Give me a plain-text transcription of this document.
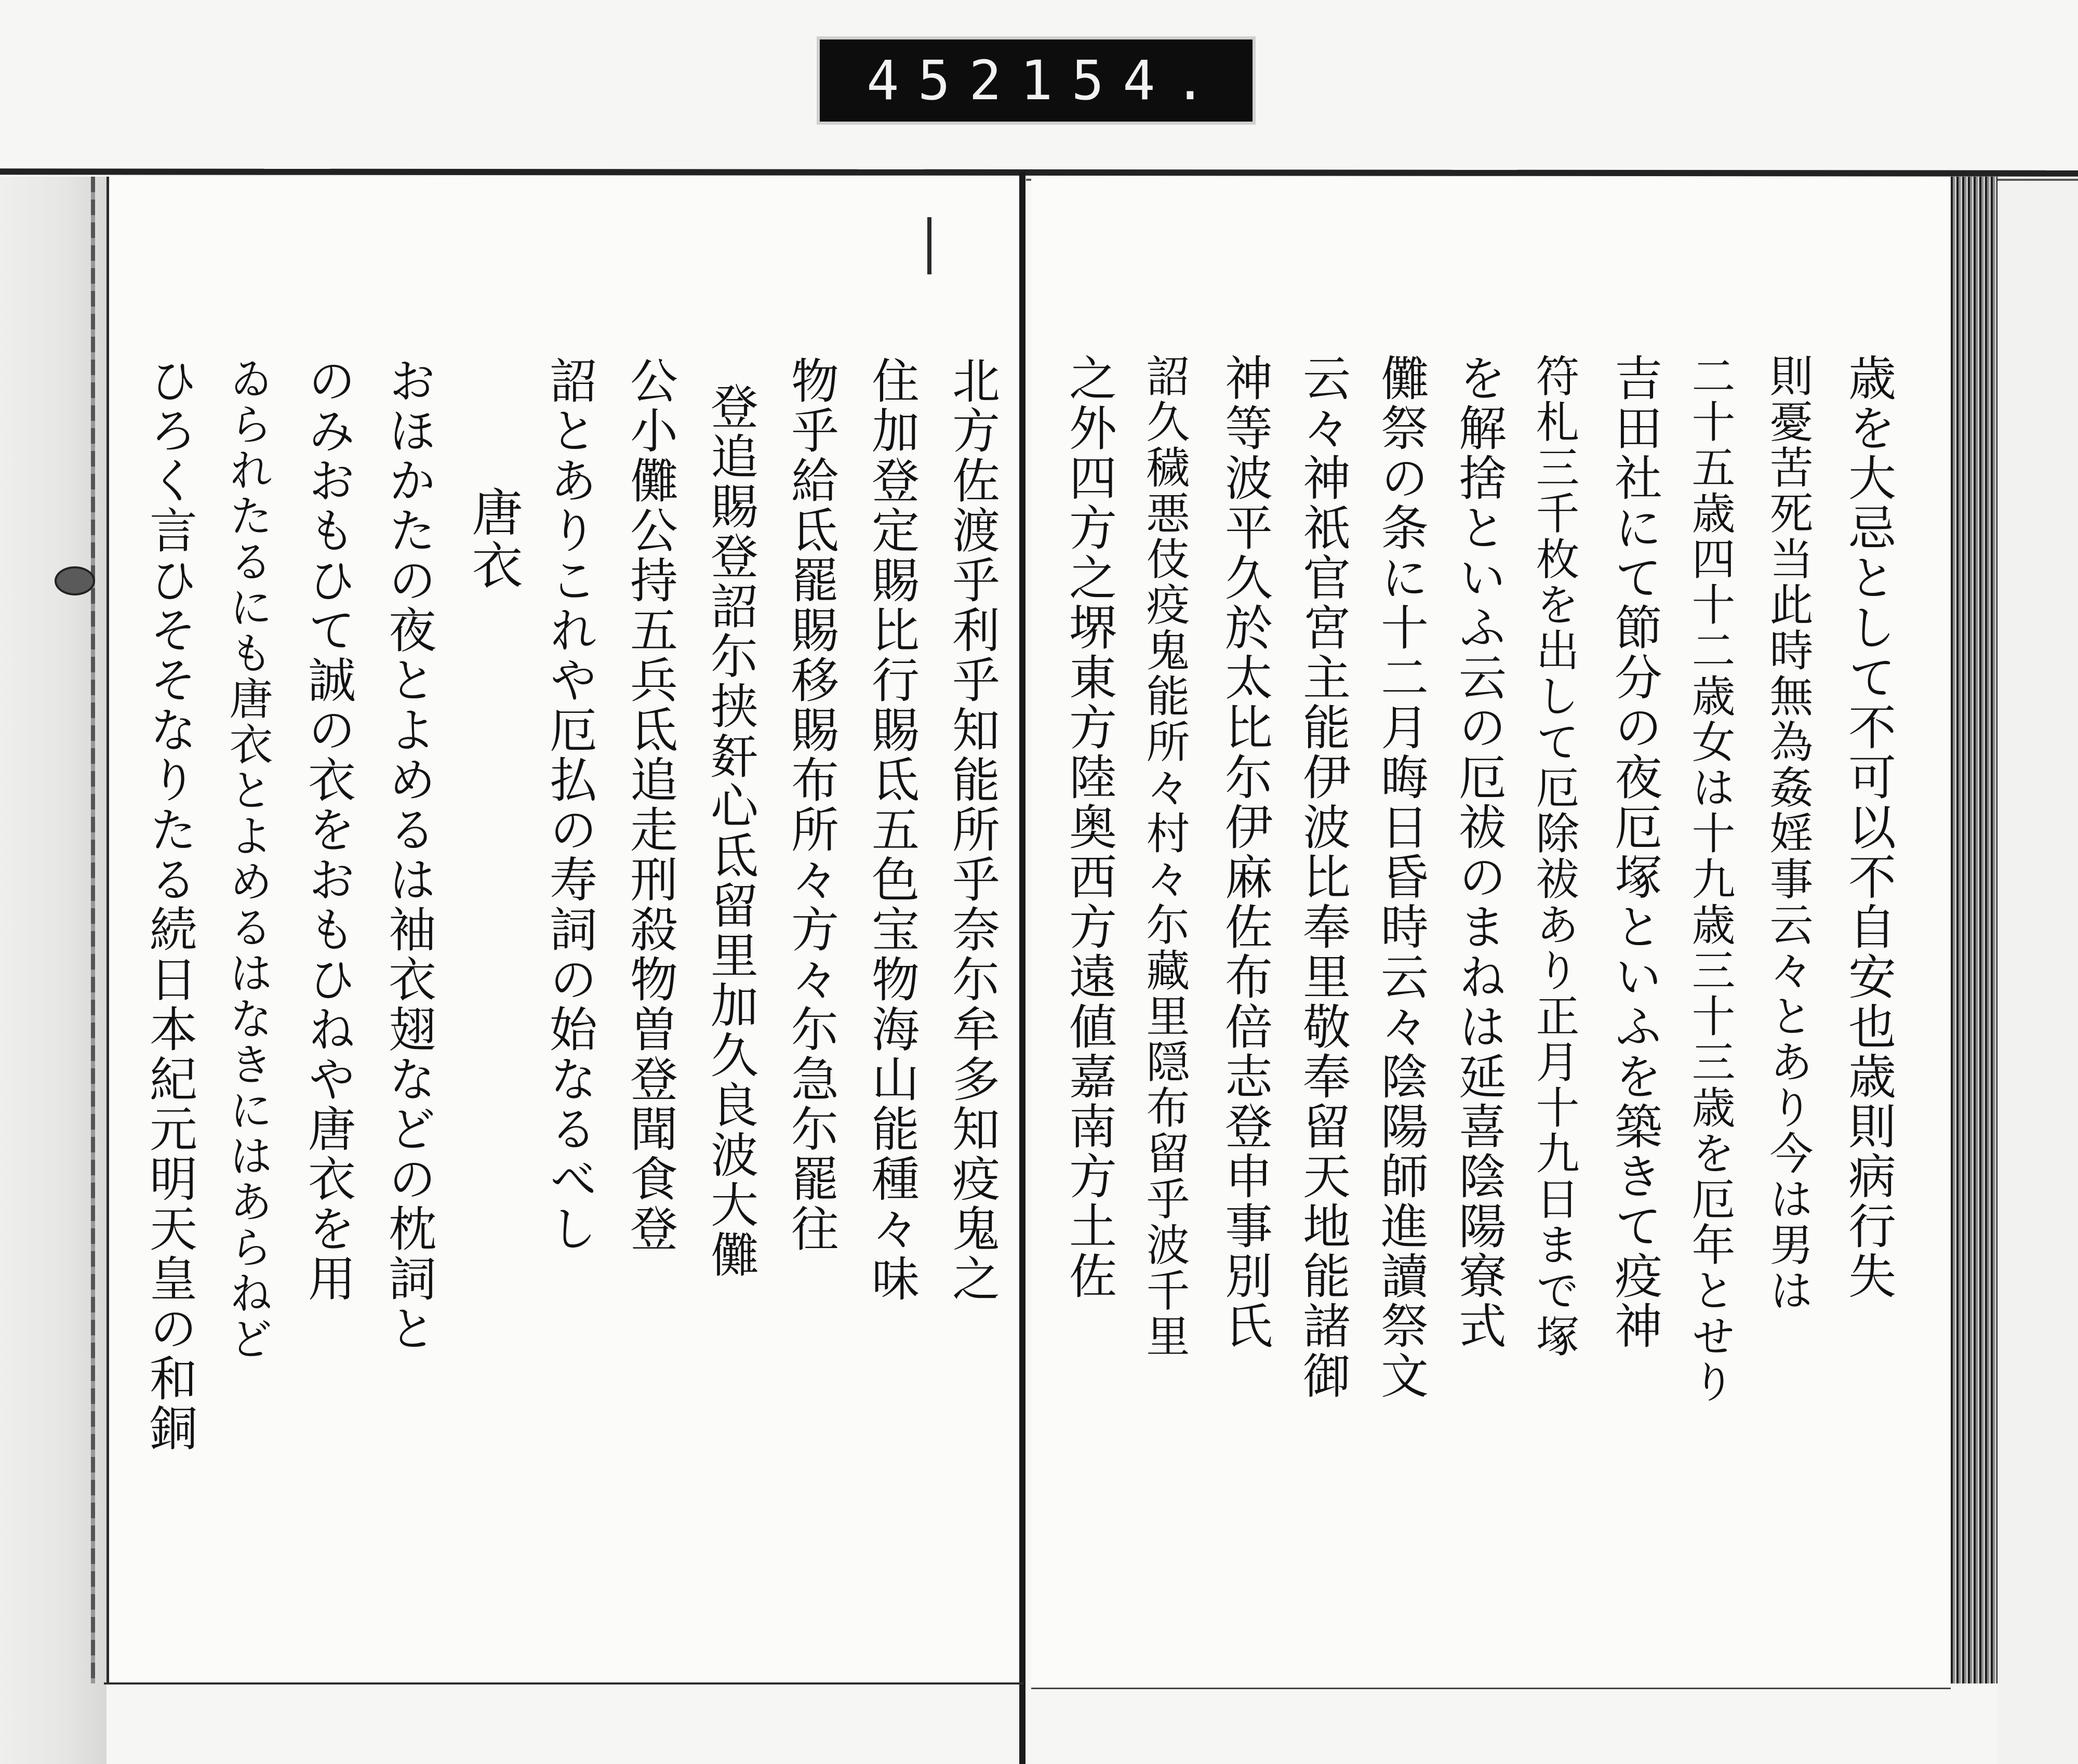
452 154.
北方佐渡乎利乎知能所乎奈尓牟多知疫鬼之
住加登定賜比行賜氐五色宝物海山能種々味
物乎給氐罷賜移賜布所々方々尓急尓罷往
登追賜登詔尓挟姧心氐留里加久良波大儺
公小儺公持五兵氐追走刑殺物曽登聞食登
詔とありこれや厄払の寿詞の始なるべし
唐衣
おほかたの夜とよめるは袖衣翅などの枕詞と
のみおもひて誠の衣をおもひねや唐衣を用
ゐられたるにも唐衣とよめるはなきにはあらねど
ひろく言ひそそなりたる続日本紀元明天皇の和銅	歳を大忌として不可以不自安也歳則病行失
則憂苦死当此時無為姦婬事云々とあり今は男は
二十五歳四十二歳女は十九歳三十三歳を厄年とせり
吉田社にて節分の夜厄塚といふを築きて疫神
符札三千枚を出して厄除祓あり正月十九日まで塚
を解捨といふ云の厄祓のまねは延喜陰陽寮式
儺祭の条に十二月晦日昏時云々陰陽師進讀祭文
云々神祇官宮主能伊波比奉里敬奉留天地能諸御
神等波平久於太比尓伊麻佐布倍志登申事別氏
詔久穢悪伎疫鬼能所々村々尓藏里隠布留乎波千里
之外四方之堺東方陸奥西方遠値嘉南方土佐
